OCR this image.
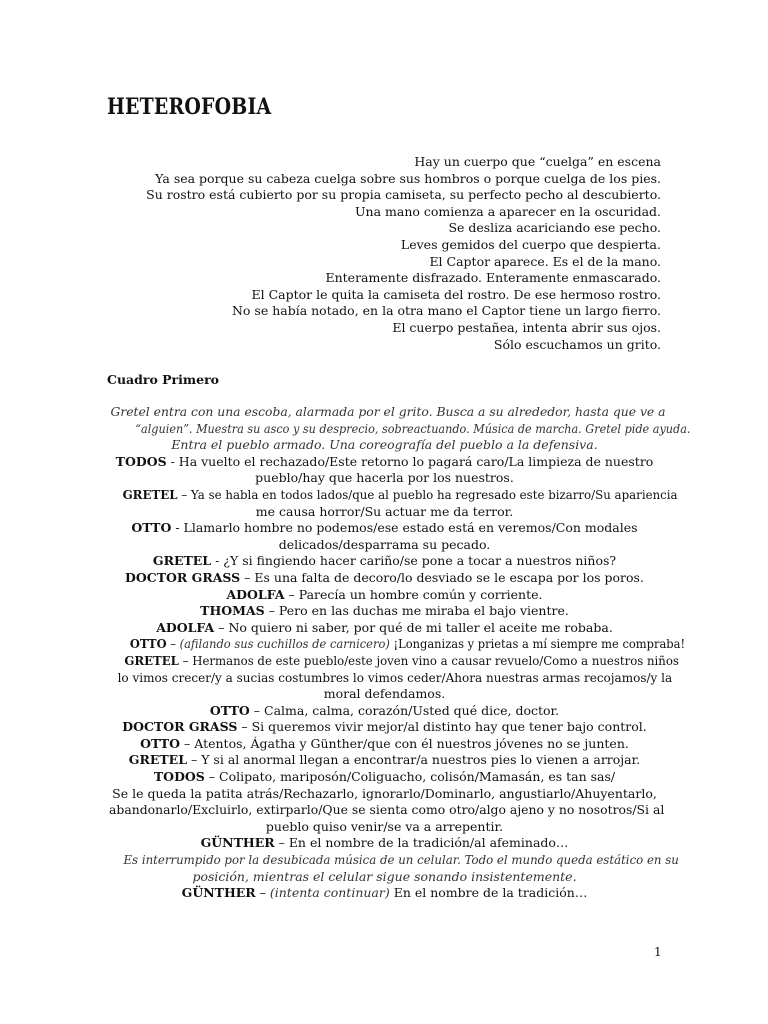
HETEROFOBIA
Hay un cuerpo que “cuelga” en escena
Ya sea porque su cabeza cuelga sobre sus hombros o porque cuelga de los pies.
Su rostro está cubierto por su propia camiseta, su perfecto pecho al descubierto.
Una mano comienza a aparecer en la oscuridad.
Se desliza acariciando ese pecho.
Leves gemidos del cuerpo que despierta.
El Captor aparece. Es el de la mano.
Enteramente disfrazado. Enteramente enmascarado.
El Captor le quita la camiseta del rostro. De ese hermoso rostro.
No se había notado, en la otra mano el Captor tiene un largo fierro.
El cuerpo pestañea, intenta abrir sus ojos.
Sólo escuchamos un grito.
Cuadro Primero
Gretel entra con una escoba, alarmada por el grito. Busca a su alrededor, hasta que ve a
“alguien”. Muestra su asco y su desprecio, sobreactuando. Música de marcha. Gretel pide ayuda.
Entra el pueblo armado. Una coreografía del pueblo a la defensiva.
TODOS - Ha vuelto el rechazado/Este retorno lo pagará caro/La limpieza de nuestro
pueblo/hay que hacerla por los nuestros.
GRETEL – Ya se habla en todos lados/que al pueblo ha regresado este bizarro/Su apariencia
me causa horror/Su actuar me da terror.
OTTO - Llamarlo hombre no podemos/ese estado está en veremos/Con modales
delicados/desparrama su pecado.
GRETEL - ¿Y si fingiendo hacer cariño/se pone a tocar a nuestros niños?
DOCTOR GRASS – Es una falta de decoro/lo desviado se le escapa por los poros.
ADOLFA – Parecía un hombre común y corriente.
THOMAS – Pero en las duchas me miraba el bajo vientre.
ADOLFA – No quiero ni saber, por qué de mi taller el aceite me robaba.
OTTO – (afilando sus cuchillos de carnicero) ¡Longanizas y prietas a mí siempre me compraba!
GRETEL – Hermanos de este pueblo/este joven vino a causar revuelo/Como a nuestros niños
lo vimos crecer/y a sucias costumbres lo vimos ceder/Ahora nuestras armas recojamos/y la
moral defendamos.
OTTO – Calma, calma, corazón/Usted qué dice, doctor.
DOCTOR GRASS – Si queremos vivir mejor/al distinto hay que tener bajo control.
OTTO – Atentos, Ágatha y Günther/que con él nuestros jóvenes no se junten.
GRETEL – Y si al anormal llegan a encontrar/a nuestros pies lo vienen a arrojar.
TODOS – Colipato, mariposón/Coliguacho, colisón/Mamasán, es tan sas/
Se le queda la patita atrás/Rechazarlo, ignorarlo/Dominarlo, angustiarlo/Ahuyentarlo,
abandonarlo/Excluirlo, extirparlo/Que se sienta como otro/algo ajeno y no nosotros/Si al
pueblo quiso venir/se va a arrepentir.
GÜNTHER – En el nombre de la tradición/al afeminado…
Es interrumpido por la desubicada música de un celular. Todo el mundo queda estático en su
posición, mientras el celular sigue sonando insistentemente.
GÜNTHER – (intenta continuar) En el nombre de la tradición…
1
